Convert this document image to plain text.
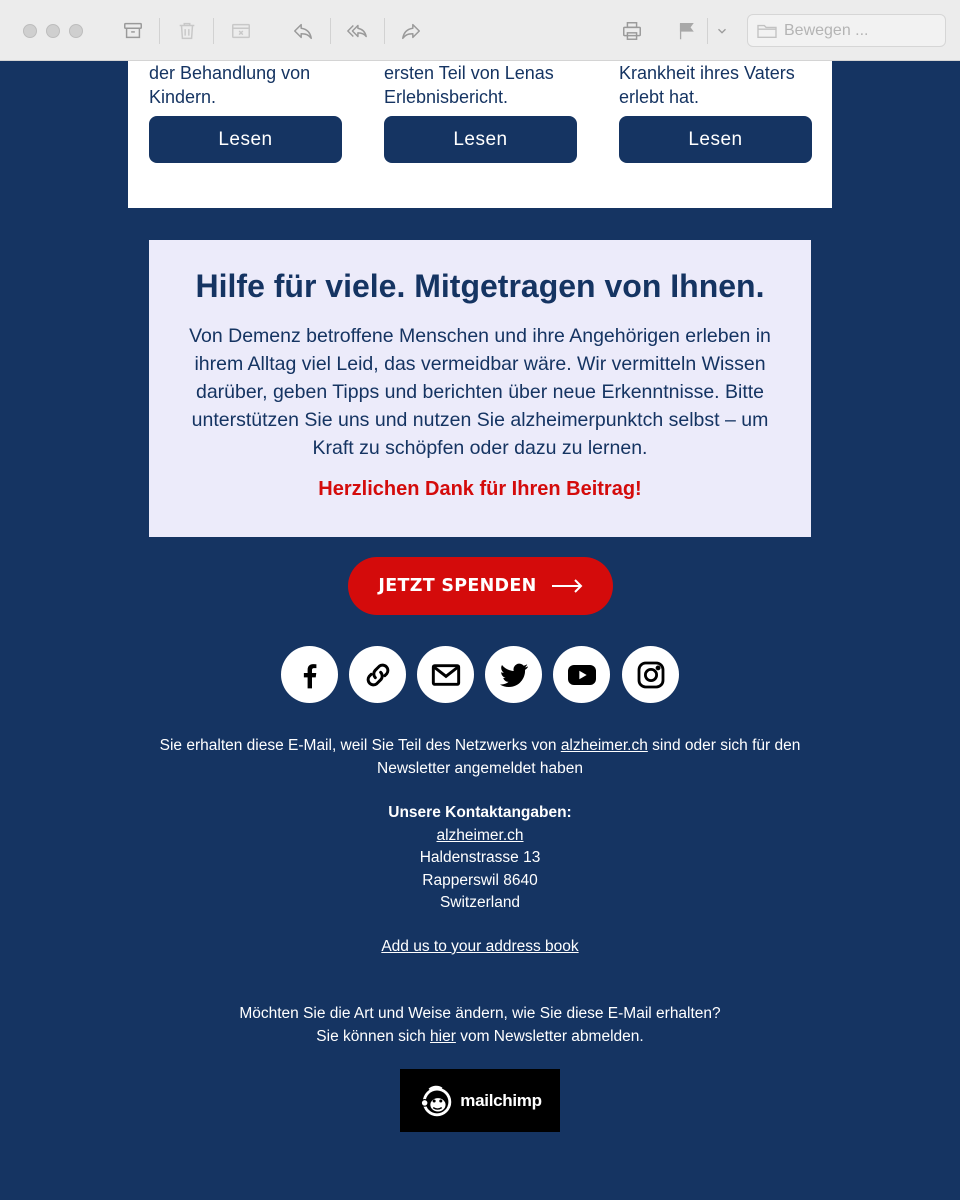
Bewegen ...
der Behandlung von
Kindern.
Lesen
ersten Teil von Lenas
Erlebnisbericht.
Lesen
Krankheit ihres Vaters
erlebt hat.
Lesen
Hilfe für viele. Mitgetragen von Ihnen.

Von Demenz betroffene Menschen und ihre Angehörigen erleben in ihrem Alltag viel Leid, das vermeidbar wäre. Wir vermitteln Wissen darüber, geben Tipps und berichten über neue Erkenntnisse. Bitte unterstützen Sie uns und nutzen Sie alzheimerpunktch selbst – um Kraft zu schöpfen oder dazu zu lernen.

Herzlichen Dank für Ihren Beitrag!

JETZT SPENDEN
Sie erhalten diese E-Mail, weil Sie Teil des Netzwerks von alzheimer.ch sind oder sich für den Newsletter angemeldet haben
Unsere Kontaktangaben:
alzheimer.ch
Haldenstrasse 13
Rapperswil 8640
Switzerland
Add us to your address book
Möchten Sie die Art und Weise ändern, wie Sie diese E-Mail erhalten?
Sie können sich hier vom Newsletter abmelden.
mailchimp
